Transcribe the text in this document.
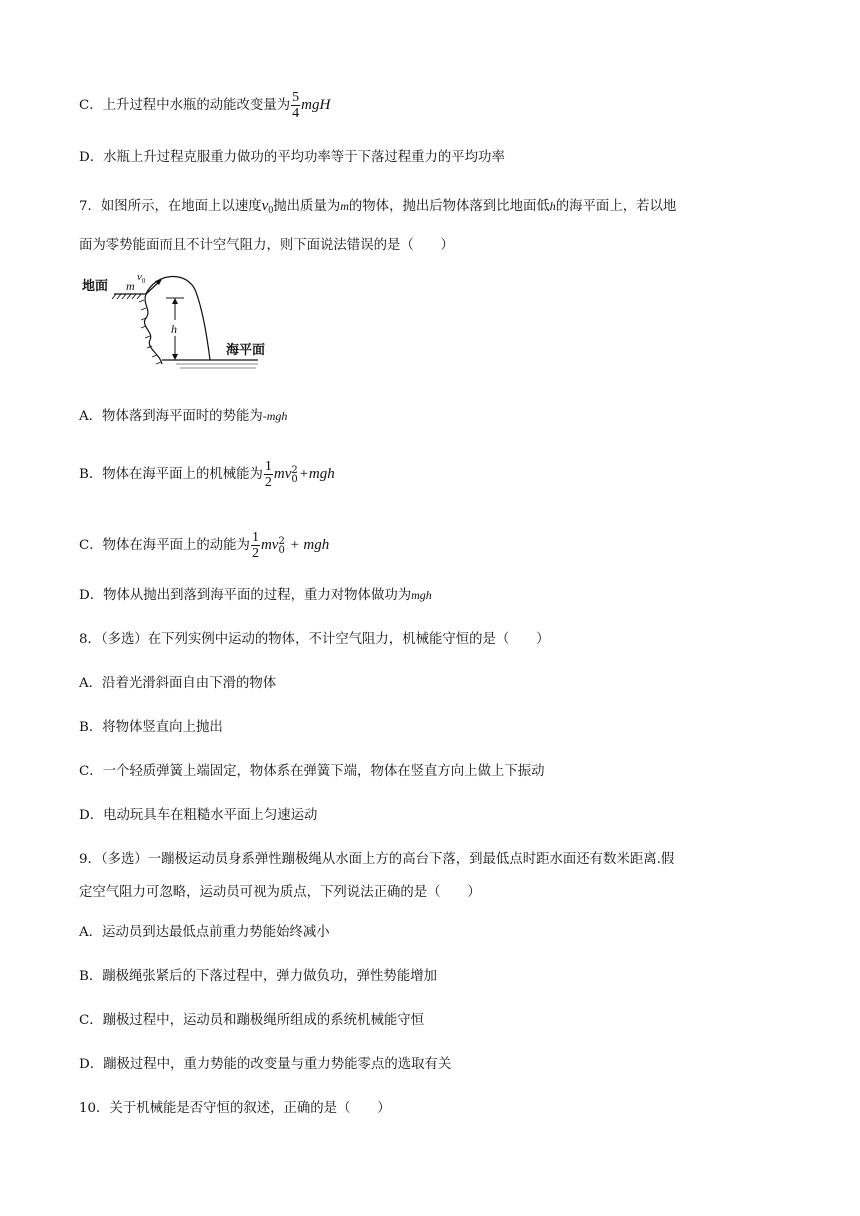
C．上升过程中水瓶的动能改变量为 $\frac{5}{4}$ mgH
D．水瓶上升过程克服重力做功的平均功率等于下落过程重力的平均功率
7．如图所示，在地面上以速度$v_0$抛出质量为m的物体，抛出后物体落到比地面低h的海平面上，若以地
面为零势能面而且不计空气阻力，则下面说法错误的是（　　）
地面 m
$v_0$
h
海平面
A．物体落到海平面时的势能为-mgh
B．物体在海平面上的机械能为 $\frac{1}{2}$ mv 2
0 +mgh
C．物体在海平面上的动能为 $\frac{1}{2}$ mv 2
0 + mgh
D．物体从抛出到落到海平面的过程，重力对物体做功为mgh
8．（多选）在下列实例中运动的物体，不计空气阻力，机械能守恒的是（　　）
A．沿着光滑斜面自由下滑的物体
B．将物体竖直向上抛出
C．一个轻质弹簧上端固定，物体系在弹簧下端，物体在竖直方向上做上下振动
D．电动玩具车在粗糙水平面上匀速运动
9．（多选）一蹦极运动员身系弹性蹦极绳从水面上方的高台下落，到最低点时距水面还有数米距离.假
定空气阻力可忽略，运动员可视为质点，下列说法正确的是（　　）
A．运动员到达最低点前重力势能始终减小
B．蹦极绳张紧后的下落过程中，弹力做负功，弹性势能增加
C．蹦极过程中，运动员和蹦极绳所组成的系统机械能守恒
D．蹦极过程中，重力势能的改变量与重力势能零点的选取有关
10．关于机械能是否守恒的叙述，正确的是（　　）
